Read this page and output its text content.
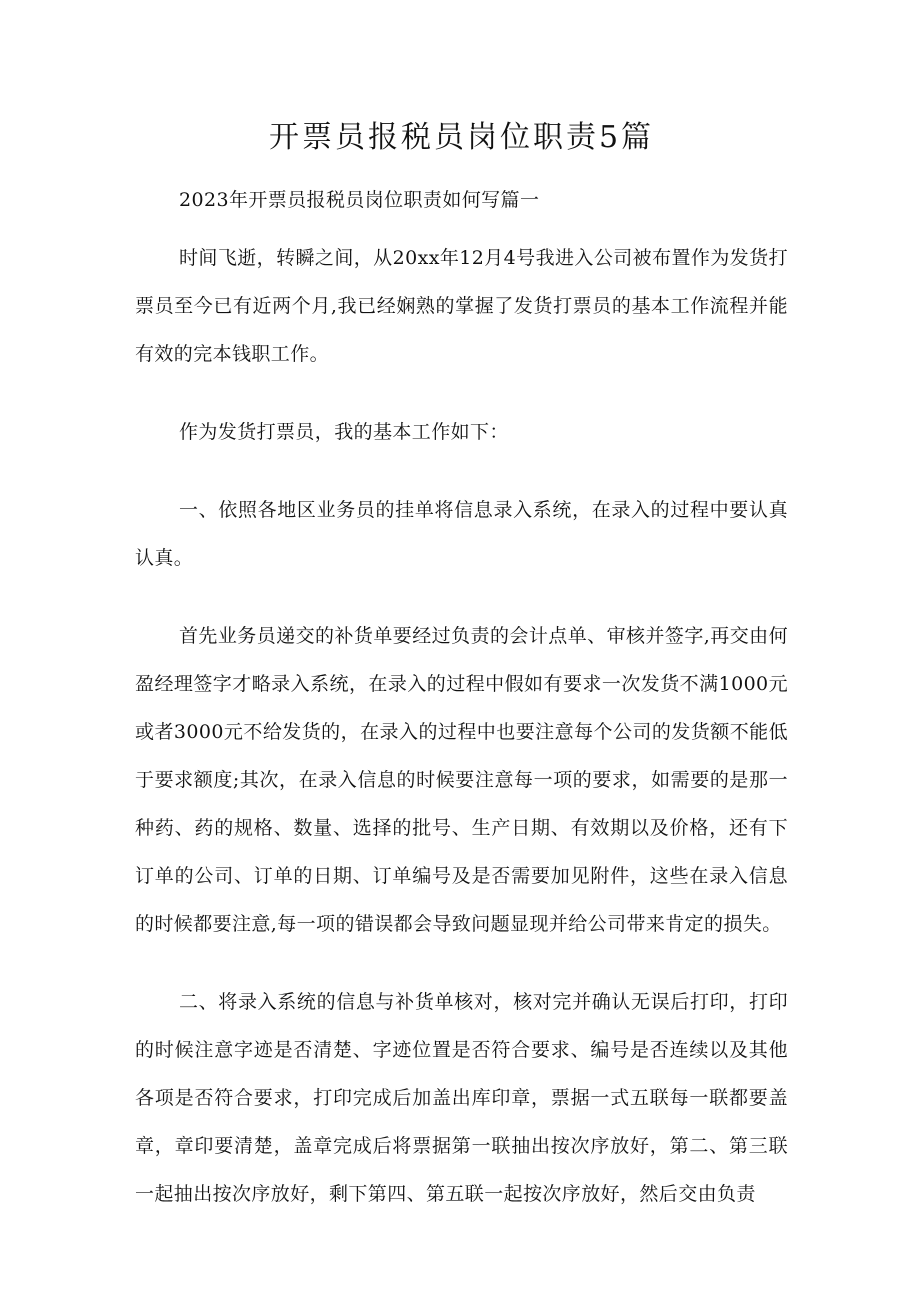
开票员报税员岗位职责5篇

2023年开票员报税员岗位职责如何写篇一

时间飞逝，转瞬之间，从20xx年12月4号我进入公司被布置作为发货打票员至今已有近两个月,我已经娴熟的掌握了发货打票员的基本工作流程并能有效的完本钱职工作。

作为发货打票员，我的基本工作如下：

一、依照各地区业务员的挂单将信息录入系统，在录入的过程中要认真认真。

首先业务员递交的补货单要经过负责的会计点单、审核并签字,再交由何盈经理签字才略录入系统，在录入的过程中假如有要求一次发货不满1000元或者3000元不给发货的，在录入的过程中也要注意每个公司的发货额不能低于要求额度;其次，在录入信息的时候要注意每一项的要求，如需要的是那一种药、药的规格、数量、选择的批号、生产日期、有效期以及价格，还有下订单的公司、订单的日期、订单编号及是否需要加见附件，这些在录入信息的时候都要注意,每一项的错误都会导致问题显现并给公司带来肯定的损失。

二、将录入系统的信息与补货单核对，核对完并确认无误后打印，打印的时候注意字迹是否清楚、字迹位置是否符合要求、编号是否连续以及其他各项是否符合要求，打印完成后加盖出库印章，票据一式五联每一联都要盖章，章印要清楚，盖章完成后将票据第一联抽出按次序放好，第二、第三联一起抽出按次序放好，剩下第四、第五联一起按次序放好，然后交由负责
